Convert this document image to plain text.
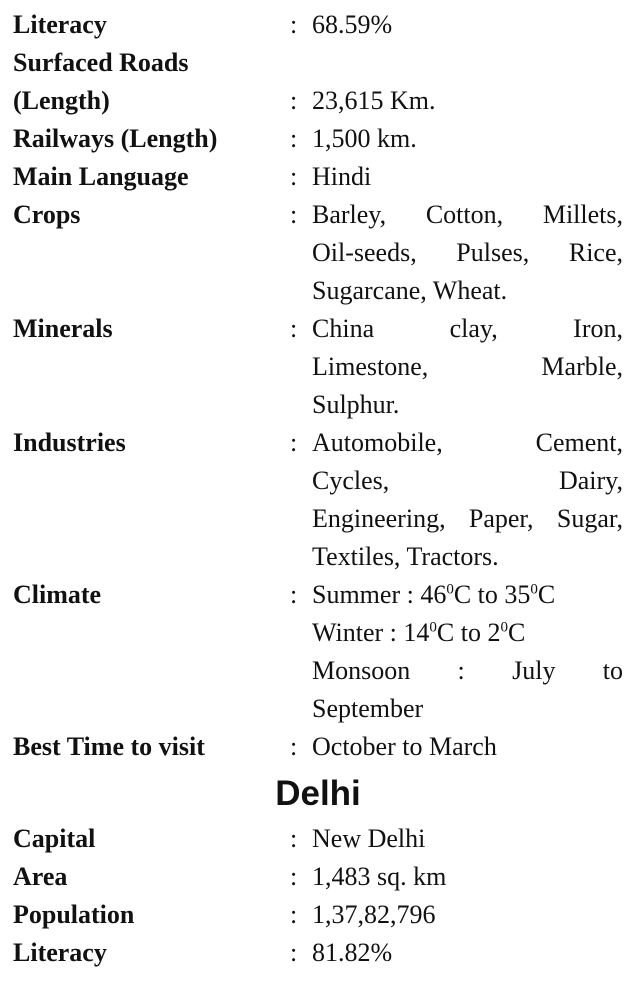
Literacy	: 68.59%
Surfaced Roads
(Length)	: 23,615 Km.
Railways (Length)	: 1,500 km.
Main Language	: Hindi
Crops	: Barley, Cotton, Millets,
Oil-seeds, Pulses, Rice,
Sugarcane, Wheat.
Minerals	: China clay, Iron,
Limestone, Marble,
Sulphur.
Industries	: Automobile, Cement,
Cycles, Dairy,
Engineering, Paper, Sugar,
Textiles, Tractors.
Climate	: Summer : $46^0C$ to $35^0C$
Winter : $14^0C$ to $2^0C$
Monsoon : July to
September
Best Time to visit	: October to March
Delhi
Capital	: New Delhi
Area	: 1,483 sq. km
Population	: 1,37,82,796
Literacy	: 81.82%
